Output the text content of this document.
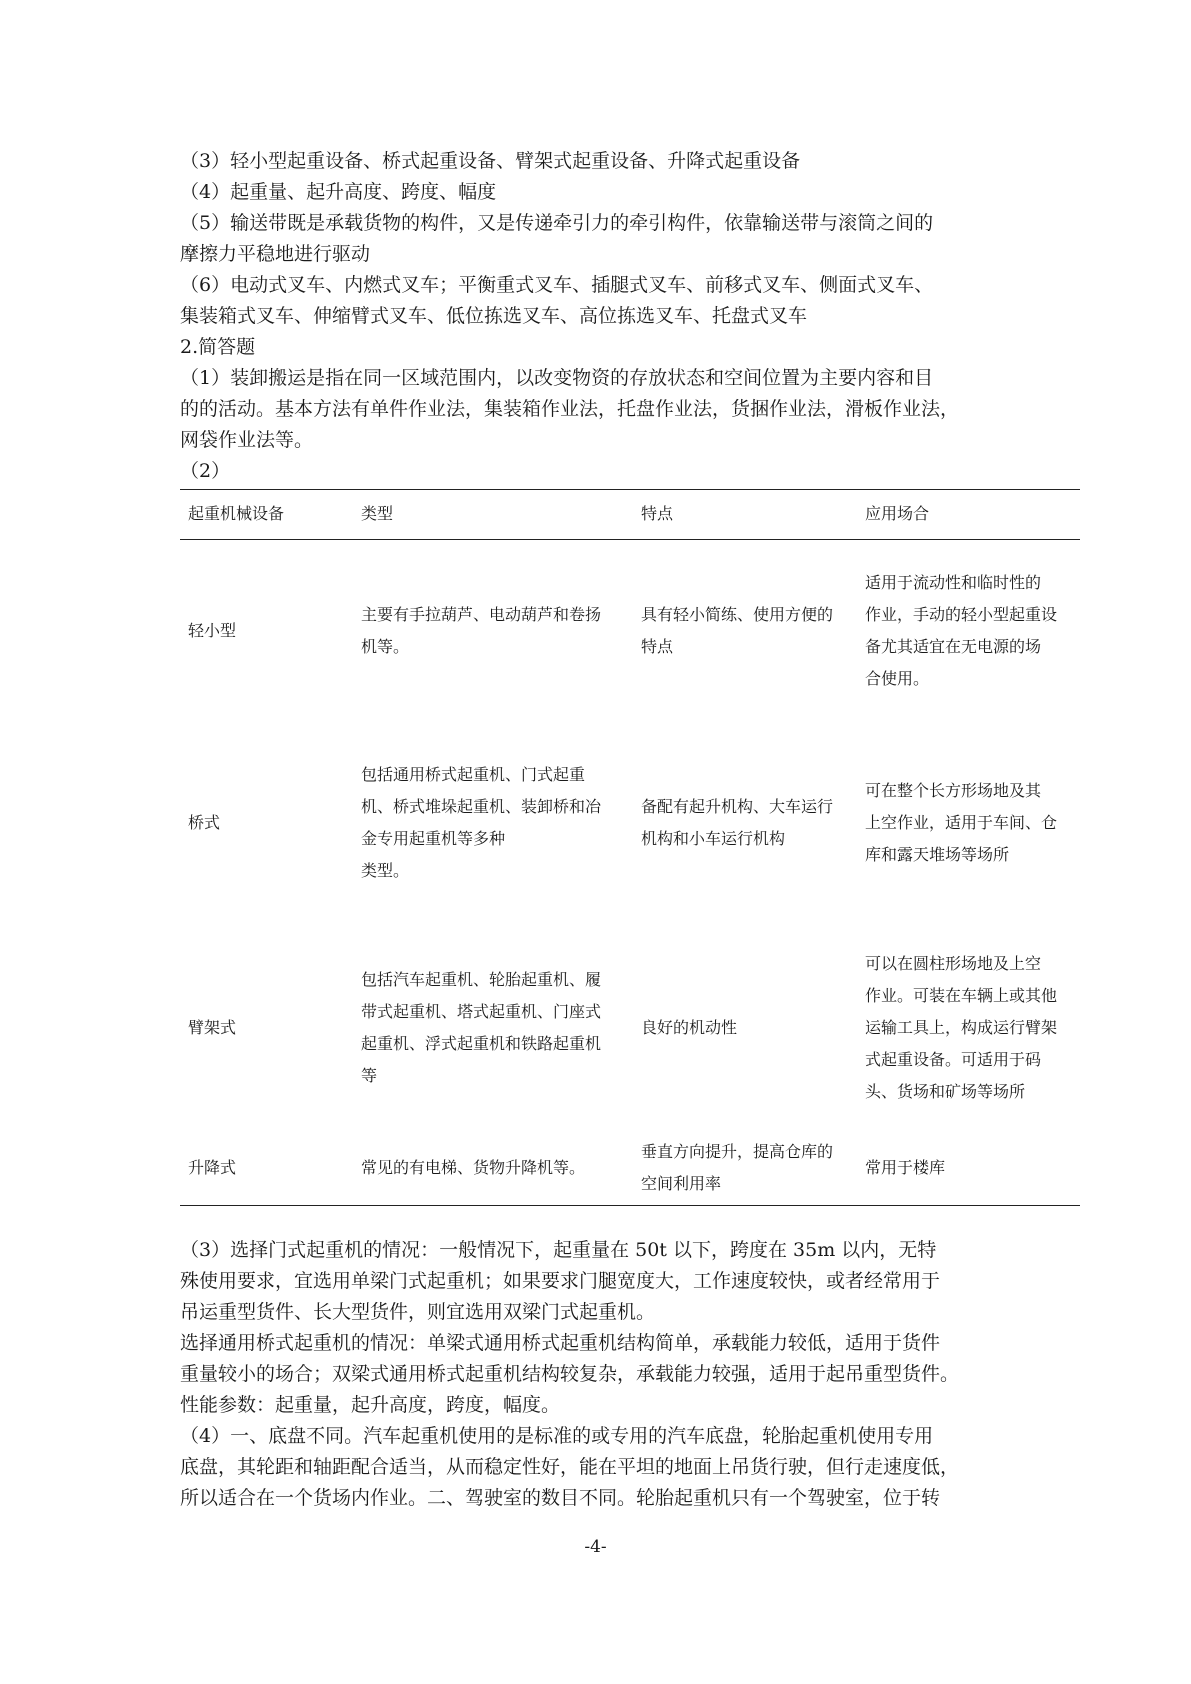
（3）轻小型起重设备、桥式起重设备、臂架式起重设备、升降式起重设备

（4）起重量、起升高度、跨度、幅度

（5）输送带既是承载货物的构件，又是传递牵引力的牵引构件，依靠输送带与滚筒之间的
摩擦力平稳地进行驱动

（6）电动式叉车、内燃式叉车；平衡重式叉车、插腿式叉车、前移式叉车、侧面式叉车、
集装箱式叉车、伸缩臂式叉车、低位拣选叉车、高位拣选叉车、托盘式叉车

2.简答题

（1）装卸搬运是指在同一区域范围内，以改变物资的存放状态和空间位置为主要内容和目
的的活动。基本方法有单件作业法，集装箱作业法，托盘作业法，货捆作业法，滑板作业法，
网袋作业法等。

（2）

起重机械设备	类型	特点	应用场合

轻小型	主要有手拉葫芦、电动葫芦和卷扬
机等。	具有轻小简练、使用方便的
特点	适用于流动性和临时性的
作业，手动的轻小型起重设
备尤其适宜在无电源的场
合使用。

桥式	包括通用桥式起重机、门式起重
机、桥式堆垛起重机、装卸桥和冶
金专用起重机等多种
类型。	备配有起升机构、大车运行
机构和小车运行机构	可在整个长方形场地及其
上空作业，适用于车间、仓
库和露天堆场等场所

臂架式	包括汽车起重机、轮胎起重机、履
带式起重机、塔式起重机、门座式
起重机、浮式起重机和铁路起重机
等	良好的机动性	可以在圆柱形场地及上空
作业。可装在车辆上或其他
运输工具上，构成运行臂架
式起重设备。可适用于码
头、货场和矿场等场所

升降式	常见的有电梯、货物升降机等。	垂直方向提升，提高仓库的
空间利用率	常用于楼库

（3）选择门式起重机的情况：一般情况下，起重量在 50t 以下，跨度在 35m 以内，无特
殊使用要求，宜选用单梁门式起重机；如果要求门腿宽度大，工作速度较快，或者经常用于
吊运重型货件、长大型货件，则宜选用双梁门式起重机。

选择通用桥式起重机的情况：单梁式通用桥式起重机结构简单，承载能力较低，适用于货件
重量较小的场合；双梁式通用桥式起重机结构较复杂，承载能力较强，适用于起吊重型货件。

性能参数：起重量，起升高度，跨度，幅度。

（4）一、底盘不同。汽车起重机使用的是标准的或专用的汽车底盘，轮胎起重机使用专用
底盘，其轮距和轴距配合适当，从而稳定性好，能在平坦的地面上吊货行驶，但行走速度低，
所以适合在一个货场内作业。二、驾驶室的数目不同。轮胎起重机只有一个驾驶室，位于转

-4-
